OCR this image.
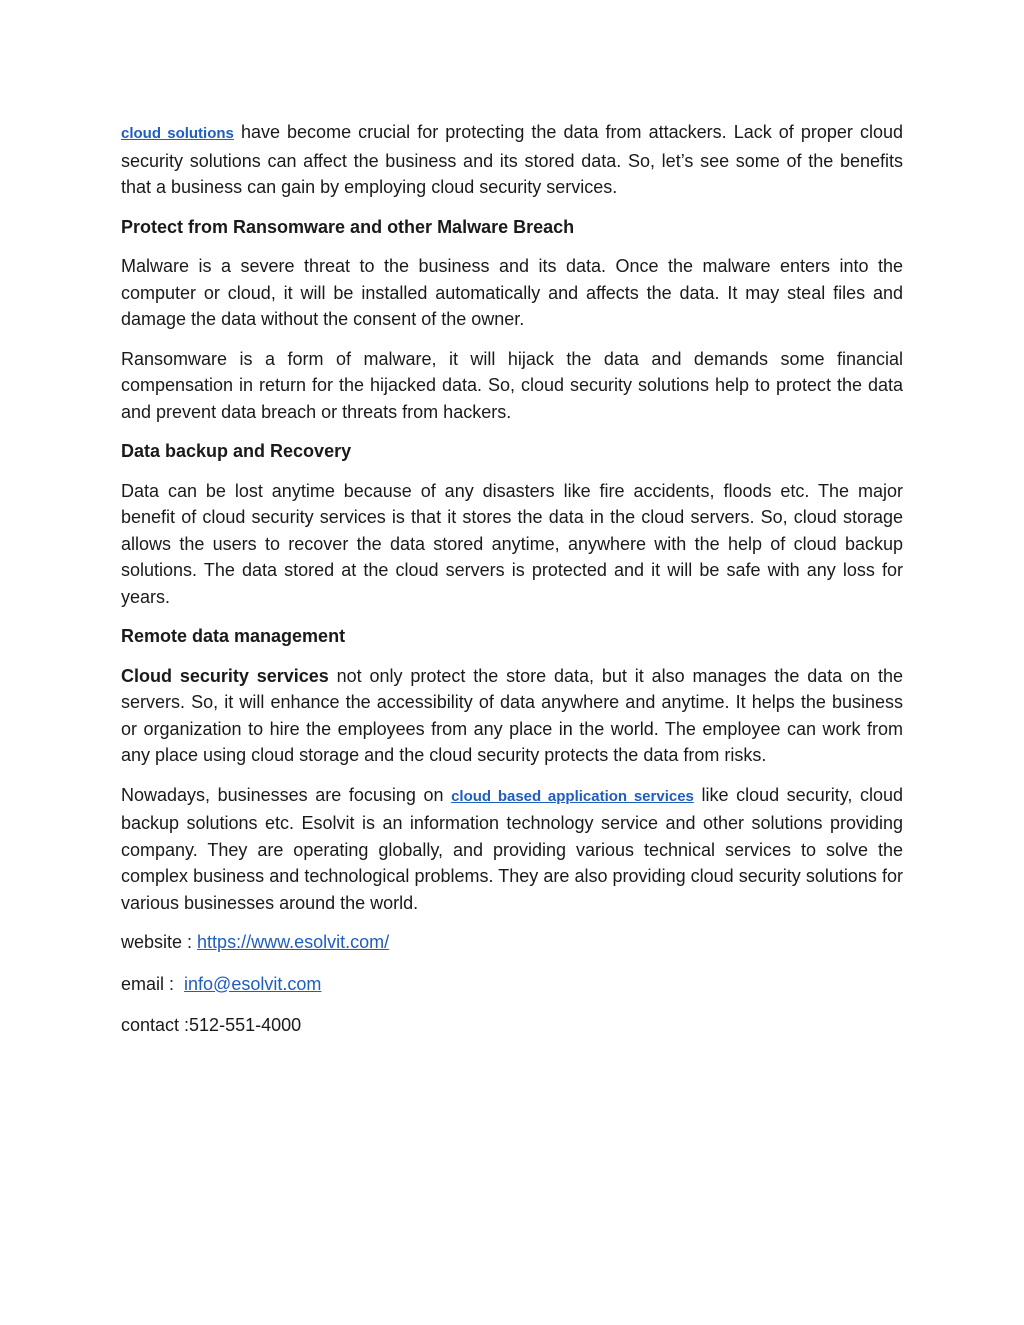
cloud solutions have become crucial for protecting the data from attackers. Lack of proper cloud security solutions can affect the business and its stored data. So, let’s see some of the benefits that a business can gain by employing cloud security services.

Protect from Ransomware and other Malware Breach

Malware is a severe threat to the business and its data. Once the malware enters into the computer or cloud, it will be installed automatically and affects the data. It may steal files and damage the data without the consent of the owner.

Ransomware is a form of malware, it will hijack the data and demands some financial compensation in return for the hijacked data. So, cloud security solutions help to protect the data and prevent data breach or threats from hackers.

Data backup and Recovery

Data can be lost anytime because of any disasters like fire accidents, floods etc. The major benefit of cloud security services is that it stores the data in the cloud servers. So, cloud storage allows the users to recover the data stored anytime, anywhere with the help of cloud backup solutions. The data stored at the cloud servers is protected and it will be safe with any loss for years.

Remote data management

Cloud security services not only protect the store data, but it also manages the data on the servers. So, it will enhance the accessibility of data anywhere and anytime. It helps the business or organization to hire the employees from any place in the world. The employee can work from any place using cloud storage and the cloud security protects the data from risks.

Nowadays, businesses are focusing on cloud based application services like cloud security, cloud backup solutions etc. Esolvit is an information technology service and other solutions providing company. They are operating globally, and providing various technical services to solve the complex business and technological problems. They are also providing cloud security solutions for various businesses around the world.

website : https://www.esolvit.com/

email :  info@esolvit.com

contact :512-551-4000
